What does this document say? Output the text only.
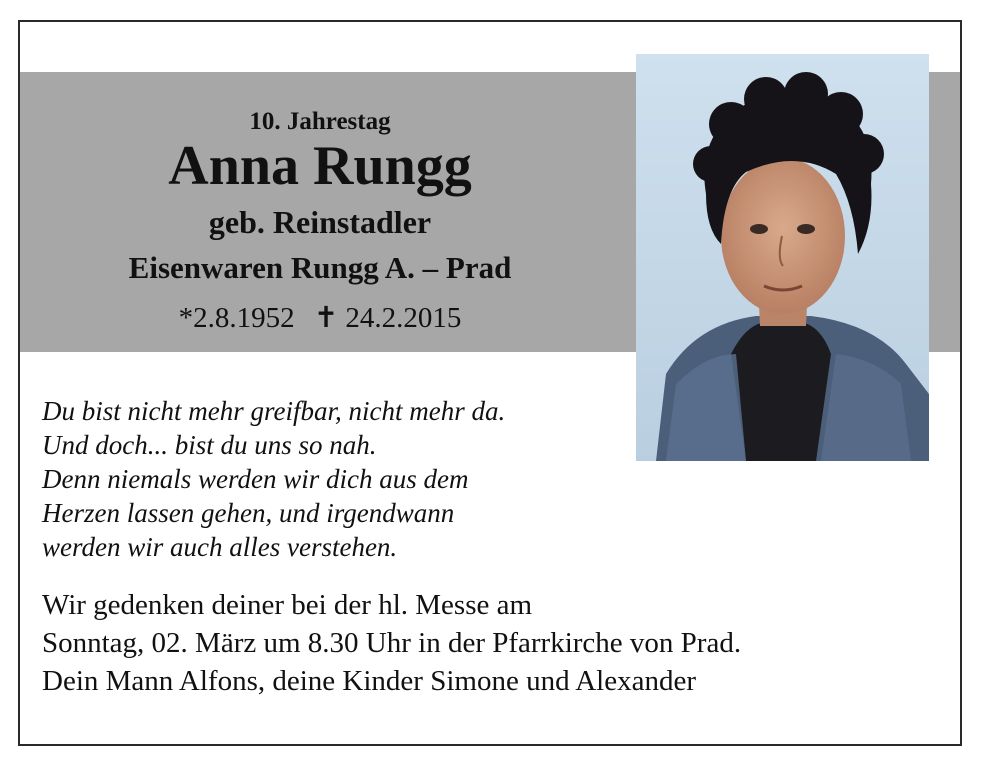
10. Jahrestag
Anna Rungg
geb. Reinstadler
Eisenwaren Rungg A. – Prad
*2.8.1952 ✝ 24.2.2015
Du bist nicht mehr greifbar, nicht mehr da.
Und doch... bist du uns so nah.
Denn niemals werden wir dich aus dem
Herzen lassen gehen, und irgendwann
werden wir auch alles verstehen.
Wir gedenken deiner bei der hl. Messe am
Sonntag, 02. März um 8.30 Uhr in der Pfarrkirche von Prad.
Dein Mann Alfons, deine Kinder Simone und Alexander
